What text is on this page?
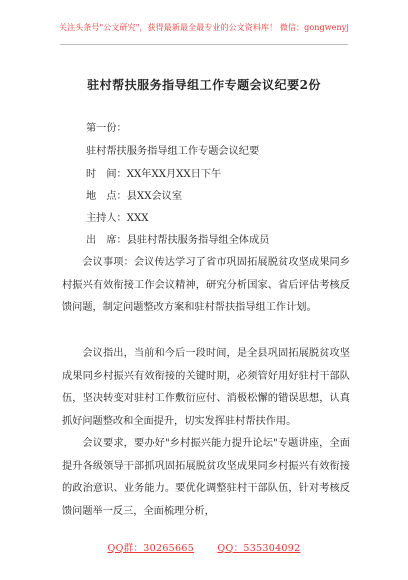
关注头条号"公文研究"，获得最新最全最专业的公文资料库！ 微信：gongwenyj
驻村帮扶服务指导组工作专题会议纪要2份
第一份：
驻村帮扶服务指导组工作专题会议纪要
时　间：XX年XX月XX日下午
地　点：县XX会议室
主持人：XXX
出　席：县驻村帮扶服务指导组全体成员
会议事项：会议传达学习了省市巩固拓展脱贫攻坚成果同乡村振兴有效衔接工作会议精神，研究分析国家、省后评估考核反馈问题，制定问题整改方案和驻村帮扶指导组工作计划。
会议指出，当前和今后一段时间，是全县巩固拓展脱贫攻坚成果同乡村振兴有效衔接的关键时期，必须管好用好驻村干部队伍，坚决转变对驻村工作敷衍应付、消极松懈的错误思想，认真抓好问题整改和全面提升，切实发挥驻村帮扶作用。
会议要求，要办好"乡村振兴能力提升论坛"专题讲座，全面提升各级领导干部抓巩固拓展脱贫攻坚成果同乡村振兴有效衔接的政治意识、业务能力。要优化调整驻村干部队伍，针对考核反馈问题举一反三，全面梳理分析，
QQ群：30265665 QQ：535304092
